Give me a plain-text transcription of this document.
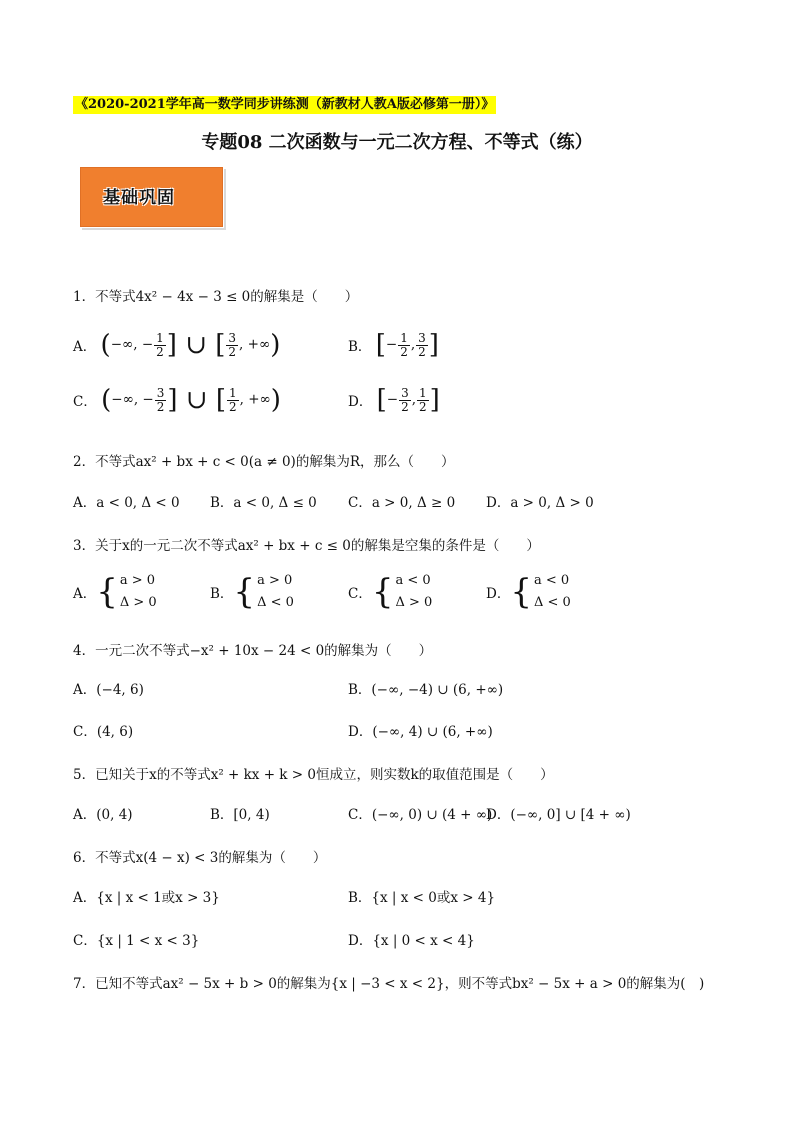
《2020-2021学年高一数学同步讲练测（新教材人教A版必修第一册）》
专题08 二次函数与一元二次方程、不等式（练）
基础巩固
1．不等式4x² − 4x − 3 ≤ 0的解集是（　　）
A． (−∞, − $\frac{1}{2}$ ] ∪ [ $\frac{3}{2}$ , +∞)	B． [− $\frac{1}{2}$ , $\frac{3}{2}$ ]
C． (−∞, − $\frac{3}{2}$ ] ∪ [ $\frac{1}{2}$ , +∞)	D． [− $\frac{3}{2}$ , $\frac{1}{2}$ ]
2．不等式ax² + bx + c < 0(a ≠ 0)的解集为R，那么（　　）
A．a < 0, Δ < 0 B．a < 0, Δ ≤ 0 C．a > 0, Δ ≥ 0 D．a > 0, Δ > 0
3．关于x的一元二次不等式ax² + bx + c ≤ 0的解集是空集的条件是（　　）
A．{ a > 0
Δ > 0
B．{ a > 0
Δ < 0
C．{ a < 0
Δ > 0
D．{ a < 0
Δ < 0
4．一元二次不等式−x² + 10x − 24 < 0的解集为（　　）
A．(−4, 6)	B．(−∞, −4) ∪ (6, +∞)
C．(4, 6)	D．(−∞, 4) ∪ (6, +∞)
5．已知关于x的不等式x² + kx + k > 0恒成立，则实数k的取值范围是（　　）
A．(0, 4)	B．[0, 4)	C．(−∞, 0) ∪ (4 + ∞)
D．(−∞, 0] ∪ [4 + ∞)
6．不等式x(4 − x) < 3的解集为（　　）
A．{x | x < 1或x > 3}	B．{x | x < 0或x > 4}
C．{x | 1 < x < 3}	D．{x | 0 < x < 4}
7．已知不等式ax² − 5x + b > 0的解集为{x | −3 < x < 2}，则不等式bx² − 5x + a > 0的解集为(　)
